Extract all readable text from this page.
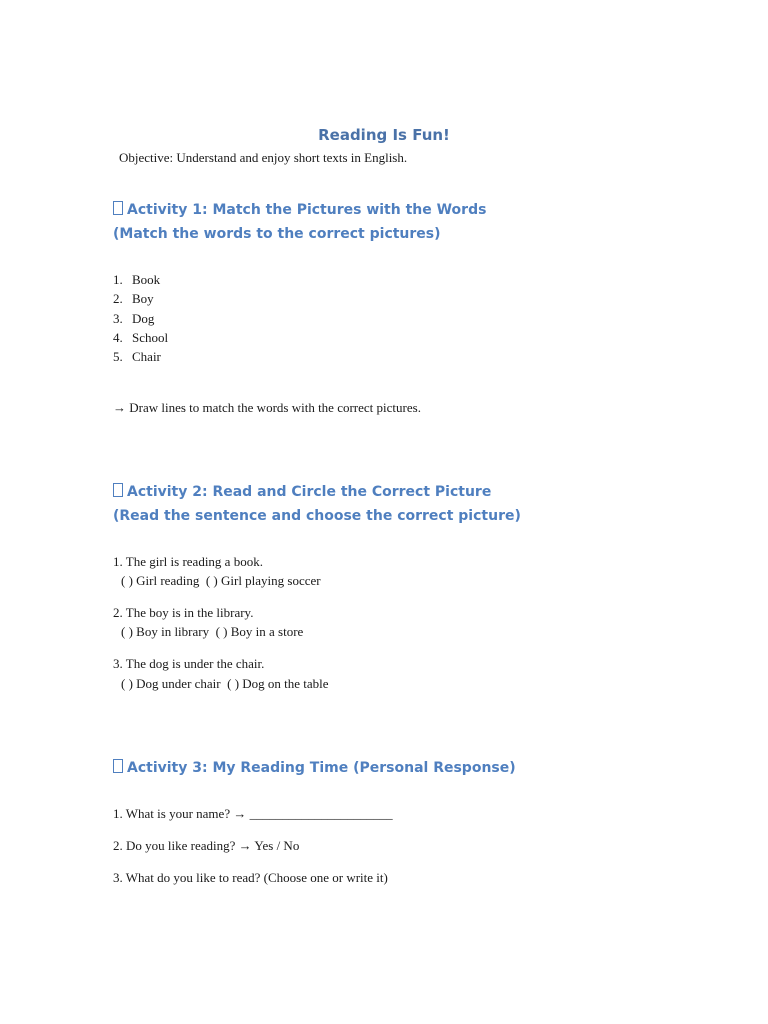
Reading Is Fun!
Objective: Understand and enjoy short texts in English.
Activity 1: Match the Pictures with the Words
(Match the words to the correct pictures)
1. Book
2. Boy
3. Dog
4. School
5. Chair
→ Draw lines to match the words with the correct pictures.
Activity 2: Read and Circle the Correct Picture
(Read the sentence and choose the correct picture)
1. The girl is reading a book.
( ) Girl reading  ( ) Girl playing soccer
2. The boy is in the library.
( ) Boy in library  ( ) Boy in a store
3. The dog is under the chair.
( ) Dog under chair  ( ) Dog on the table
Activity 3: My Reading Time (Personal Response)
1. What is your name? → ______________________
2. Do you like reading? → Yes / No
3. What do you like to read? (Choose one or write it)
